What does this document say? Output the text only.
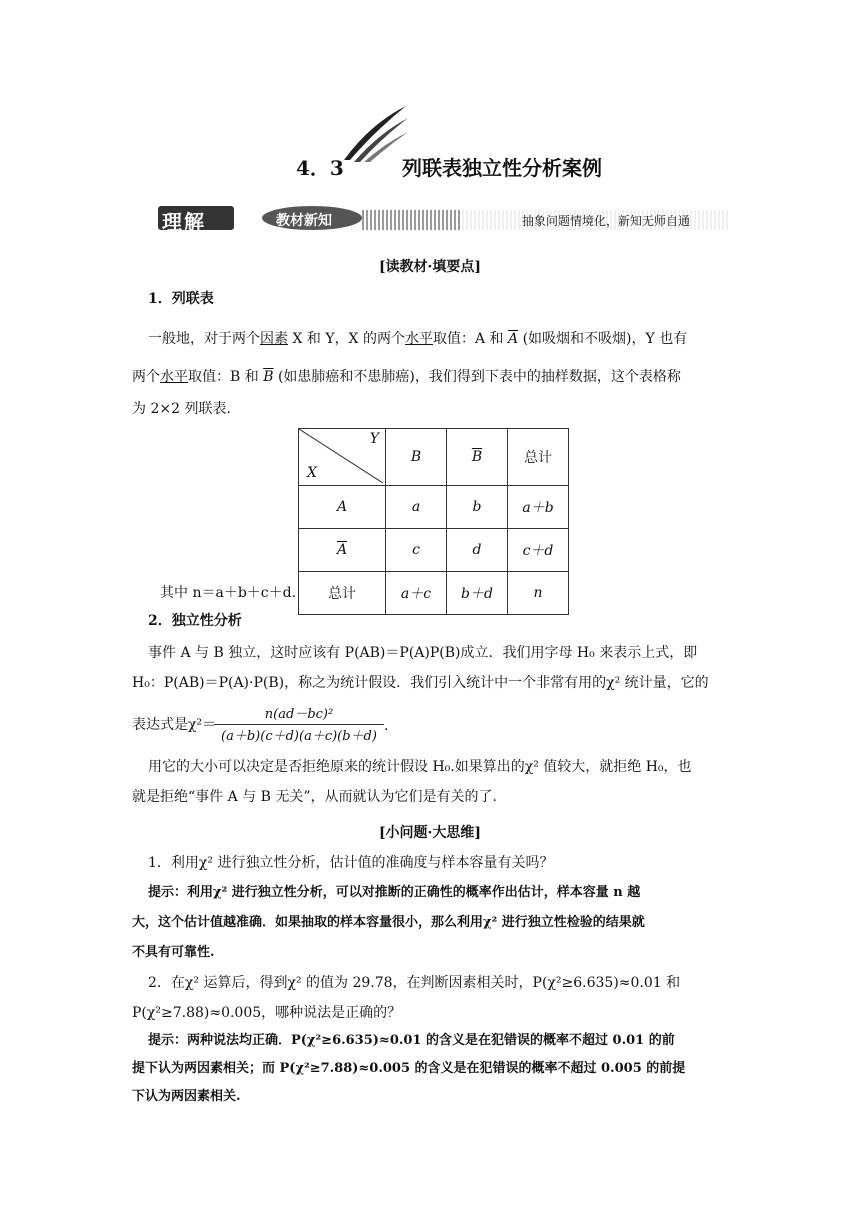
4．3	列联表独立性分析案例
理解	教材新知	抽象问题情境化，新知无师自通
[读教材·填要点]
1．列联表
一般地，对于两个因素 X 和 Y，X 的两个水平取值：A 和 $\overline{A}$ (如吸烟和不吸烟)，Y 也有
两个水平取值：B 和 $\overline{B}$ (如患肺癌和不患肺癌)，我们得到下表中的抽样数据，这个表格称
为 2×2 列联表.
Y
X	B	$\overline{B}$	总计
A	a	b	a＋b
$\overline{A}$	c	d	c＋d
总计	a＋c	b＋d	n
其中 n＝a＋b＋c＋d.
2．独立性分析
事件 A 与 B 独立，这时应该有 P(AB)＝P(A)P(B)成立．我们用字母 H₀ 来表示上式，即
H₀：P(AB)＝P(A)·P(B)，称之为统计假设．我们引入统计中一个非常有用的χ² 统计量，它的
表达式是χ²＝
$\frac{\text{n(ad－bc)²}}{(a+b)(c+d)(a+c)(b+d)}$ .
用它的大小可以决定是否拒绝原来的统计假设 H₀.如果算出的χ² 值较大，就拒绝 H₀，也
就是拒绝“事件 A 与 B 无关”，从而就认为它们是有关的了.
[小问题·大思维]
1．利用χ² 进行独立性分析，估计值的准确度与样本容量有关吗？
提示：利用χ² 进行独立性分析，可以对推断的正确性的概率作出估计，样本容量 n 越
大，这个估计值越准确．如果抽取的样本容量很小，那么利用χ² 进行独立性检验的结果就
不具有可靠性.
2．在χ² 运算后，得到χ² 的值为 29.78，在判断因素相关时，P(χ²≥6.635)≈0.01 和
P(χ²≥7.88)≈0.005，哪种说法是正确的？
提示：两种说法均正确．P(χ²≥6.635)≈0.01 的含义是在犯错误的概率不超过 0.01 的前
提下认为两因素相关；而 P(χ²≥7.88)≈0.005 的含义是在犯错误的概率不超过 0.005 的前提
下认为两因素相关.
